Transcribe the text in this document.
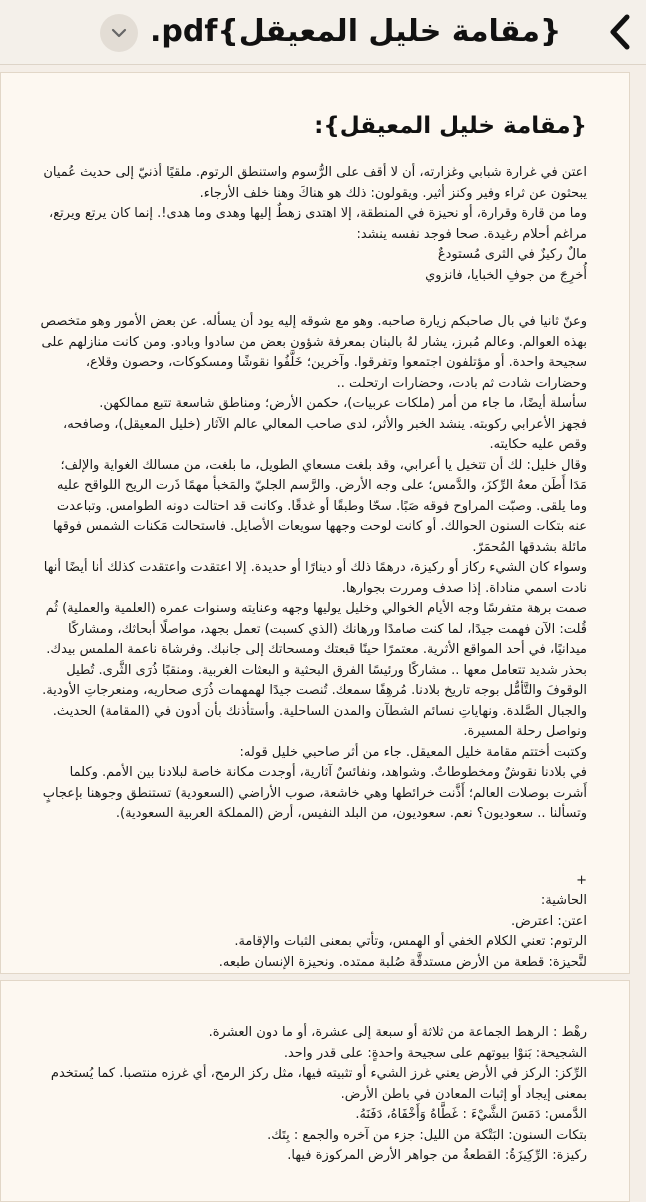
.pdf{مقامة خليل المعيقل}
{مقامة خليل المعيقل}:

اعتن في غرارة شبابي وغزارته، أن لا أقف على الرُّسوم واستنطق الرتوم. ملقيًا أذنيّ إلى حديث عُميان يبحثون عن ثراء وفير وكنز أثير. ويقولون: ذلك هو هناكَ وهنا خلف الأرجاء.

وما من قارة وقرارة، أو نحيزة في المنطقة، إلا اهتدى زهطٌ إليها وهدى وما هدى!. إنما كان يرتع ويرتع، مراغم أحلام رغيدة. صحا فوجد نفسه ينشد:

مالٌ ركيزٌ في الثرى مُستودعٌ

أُخرِجَ من جوفِ الخبايا، فانزوي

وعنّ ثانيا في بال صاحبكم زيارة صاحبه. وهو مع شوقه إليه يود أن يسأله. عن بعض الأمور وهو متخصص بهذه العوالم. وعالم مُبرز، يشار لهُ بالبنان بمعرفة شؤون بعض من سادوا وبادو. ومن كانت منازلهم على سجيحة واحدة. أو مؤتلفون اجتمعوا وتفرقوا. وآخرين؛ خَلَّفُوا نقوشًا ومسكوكات، وحصون وقلاع، وحضارات شادت ثم بادت، وحضارات ارتحلت ..

سأسلة أيضًا، ما جاء من أمر (ملكات عربيات)، حكمن الأرض؛ ومناطق شاسعة تتبع ممالكهن.

فجهز الأعرابي ركوبته. ينشد الخبر والأثر، لدى صاحب المعالي عالم الآثار (خليل المعيقل)، وصافحه، وقص عليه حكايته.

وقال خليل: لك أن تتخيل يا أعرابي، وقد بلغت مسعاي الطويل، ما بلغت، من مسالك الغواية والإلف؛ مَدَا أَطَن معهُ الرِّكزَ، والدَّمس؛ على وجه الأرض. والرَّسم الجليّ والمَخبأ مهمًا ذَرت الريح اللواقح عليه وما يلقى. وصبّت المراوح فوقه صَبًا. سحّا وطبقًا أو غدقًا. وكانت قد احتالت دونه الطوامس. وتباعدت عنه بتكات السنون الحوالك. أو كانت لوحت وجهها سويعات الأصايل. فاستحالت مَكنات الشمس فوقها مائلة بشدقها المُحمَرّ.

وسواء كان الشيء ركاز أو ركيزة، درهمًا ذلك أو دينارًا أو حديدة. إلا اعتقدت واعتقدت كذلك أنا أيضًا أنها نادت اسمي مناداة. إذا صدف ومررت بجوارها.

صمت برهة متفرسًا وجه الأيام الخوالي وخليل يوليها وجهه وعنايته وسنوات عمره (العلمية والعملية) ثُم قُلت: الآن فهمت جيدًا، لما كنت صامدًا ورهانك (الذي كسبت) تعمل بجهد، مواصلًا أبحاثك، ومشاركًا ميدانيًا، في أحد المواقع الأثرية. معتمرًا حينًا قبعتك ومسحاتك إلى جانبك. وفرشاة ناعمة الملمس بيدك. بحذر شديد تتعامل معها .. مشاركًا ورئيسًا الفرق البحثية و البعثات الغربية. ومنقبًا ذُرَى الثَّرى. تُطيل الوقوفَ والتَّأمُّل بوجه تاريخ بلادنا. مُرهِفًا سمعك. تُنصت جيدًا لهمهمات ذُرَى صحاريه، ومنعرجاتِ الأودية. والجبال الصَّلدة. ونهاياتِ نسائم الشطآن والمدن الساحلية. وأستأذنك بأن أدون في (المقامة) الحديث. ونواصل رحلة المسيرة.

وكتبت أختتم مقامة خليل المعيقل. جاء من أثر صاحبي خليل قوله:

في بلادنا نقوشٌ ومخطوطاتٌ. وشواهد، ونفائسٌ آثارية، أوجدت مكانة خاصة لبلادنا بين الأمم. وكلما أَشرت بوصلات العالم؛ أَذَّنت خرائطها وهي خاشعة، صوب الأراضي (السعودية) تستنطق وجوهنا بإعجابٍ وتسألنا .. سعوديون؟ نعم. سعوديون، من البلد النفيس، أرض (المملكة العربية السعودية).

+

الحاشية:

اعتن: اعترض.

الرتوم: تعني الكلام الخفي أو الهمس، وتأتي بمعنى الثبات والإقامة.

لنَّحيزة: قطعة من الأرض مستدقَّة صُلبة ممتده. ونحيزة الإنسان طبعه.

رهْط : الرهط الجماعة من ثلاثة أو سبعة إلى عشرة، أو ما دون العشرة.

الشجيحة: بَنوْا بيوتهم على سجيحة واحدةٍ: على قدر واحد.

الرِّكز: الركز في الأرض يعني غرز الشيء أو تثبيته فيها، مثل ركز الرمح، أي غرزه منتصبا. كما يُستخدم بمعنى إيجاد أو إثبات المعادن في باطن الأرض.

الدَّمس: دَمَسَ الشَّيْءَ : غَطَّاهُ وَأَخْفَاهُ، دَفَنَهُ.

بتكات السنون: البَتْكة من الليل: جزء من آخره والجمع : بِتَك.

ركيزة: الرِّكِيزَةُ: القطعةُ من جواهر الأرض المركوزة فيها.
